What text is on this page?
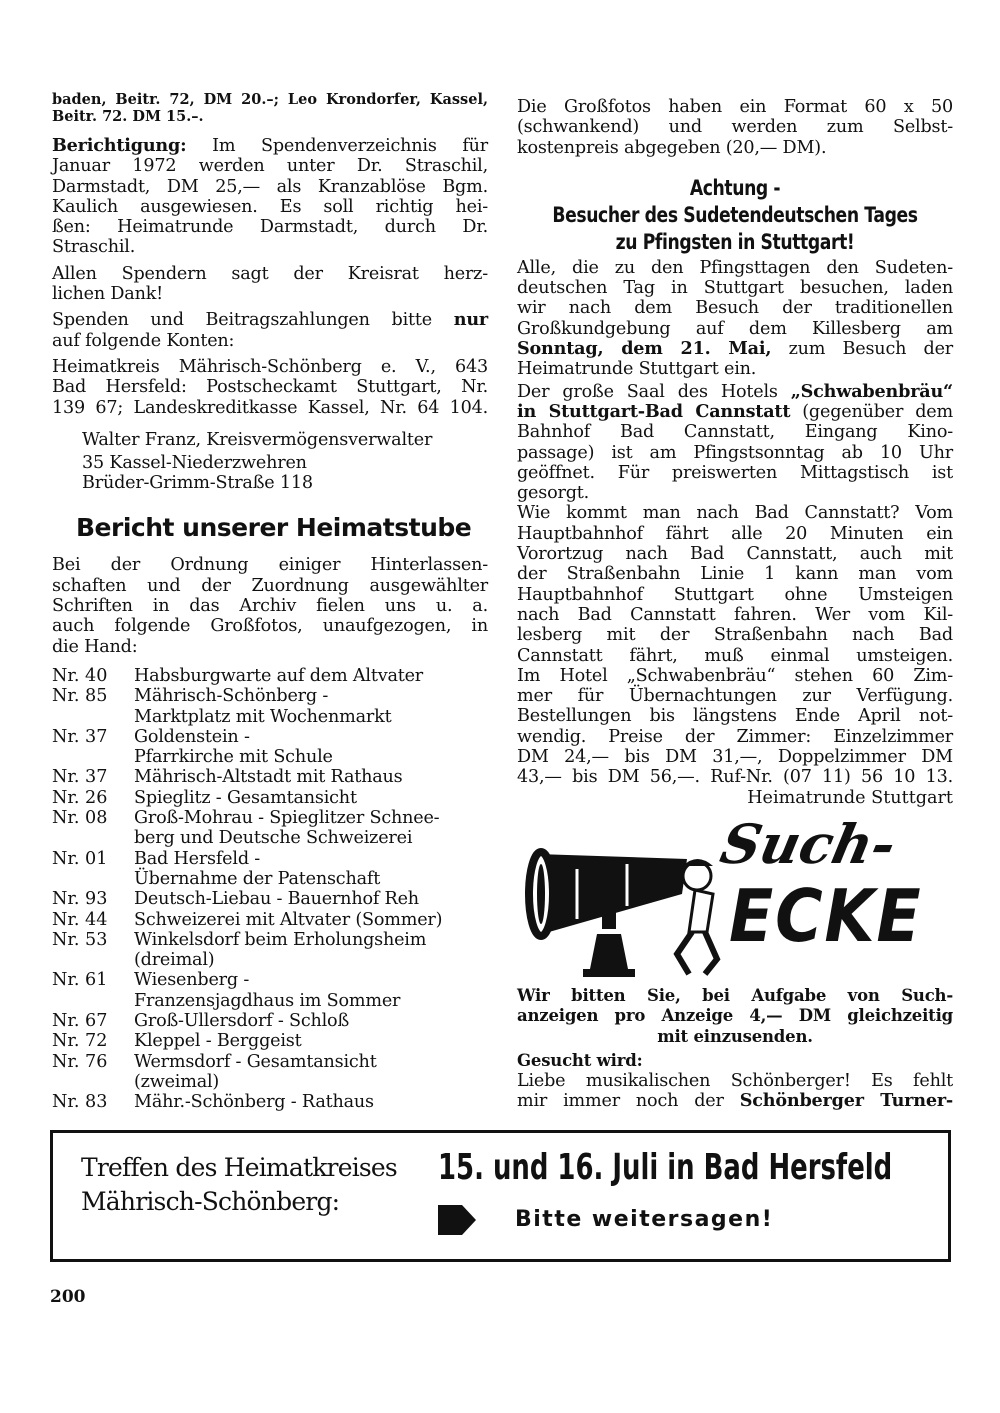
baden, Beitr. 72, DM 20.–; Leo Krondorfer, Kassel,
Beitr. 72. DM 15.–.
Berichtigung: Im Spendenverzeichnis für
Januar 1972 werden unter Dr. Straschil,
Darmstadt, DM 25,— als Kranzablöse Bgm.
Kaulich ausgewiesen. Es soll richtig hei-
ßen: Heimatrunde Darmstadt, durch Dr.
Straschil.
Allen Spendern sagt der Kreisrat herz-
lichen Dank!
Spenden und Beitragszahlungen bitte nur
auf folgende Konten:
Heimatkreis Mährisch-Schönberg e. V., 643
Bad Hersfeld: Postscheckamt Stuttgart, Nr.
139 67; Landeskreditkasse Kassel, Nr. 64 104.
Walter Franz, Kreisvermögensverwalter
35 Kassel-Niederzwehren
Brüder-Grimm-Straße 118
Bericht unserer Heimatstube
Bei der Ordnung einiger Hinterlassen-
schaften und der Zuordnung ausgewählter
Schriften in das Archiv fielen uns u. a.
auch folgende Großfotos, unaufgezogen, in
die Hand:
Nr. 40	Habsburgwarte auf dem Altvater
Nr. 85	Mährisch-Schönberg -
Marktplatz mit Wochenmarkt
Nr. 37	Goldenstein -
Pfarrkirche mit Schule
Nr. 37	Mährisch-Altstadt mit Rathaus
Nr. 26	Spieglitz - Gesamtansicht
Nr. 08	Groß-Mohrau - Spieglitzer Schnee-
berg und Deutsche Schweizerei
Nr. 01	Bad Hersfeld -
Übernahme der Patenschaft
Nr. 93	Deutsch-Liebau - Bauernhof Reh
Nr. 44	Schweizerei mit Altvater (Sommer)
Nr. 53	Winkelsdorf beim Erholungsheim
(dreimal)
Nr. 61	Wiesenberg -
Franzensjagdhaus im Sommer
Nr. 67	Groß-Ullersdorf - Schloß
Nr. 72	Kleppel - Berggeist
Nr. 76	Wermsdorf - Gesamtansicht
(zweimal)
Nr. 83	Mähr.-Schönberg - Rathaus
Die Großfotos haben ein Format 60 x 50
(schwankend) und werden zum Selbst-
kostenpreis abgegeben (20,— DM).
Achtung -
Besucher des Sudetendeutschen Tages
zu Pfingsten in Stuttgart!
Alle, die zu den Pfingsttagen den Sudeten-
deutschen Tag in Stuttgart besuchen, laden
wir nach dem Besuch der traditionellen
Großkundgebung auf dem Killesberg am
Sonntag, dem 21. Mai, zum Besuch der
Heimatrunde Stuttgart ein.
Der große Saal des Hotels „Schwabenbräu“
in Stuttgart-Bad Cannstatt (gegenüber dem
Bahnhof Bad Cannstatt, Eingang Kino-
passage) ist am Pfingstsonntag ab 10 Uhr
geöffnet. Für preiswerten Mittagstisch ist
gesorgt.
Wie kommt man nach Bad Cannstatt? Vom
Hauptbahnhof fährt alle 20 Minuten ein
Vorortzug nach Bad Cannstatt, auch mit
der Straßenbahn Linie 1 kann man vom
Hauptbahnhof Stuttgart ohne Umsteigen
nach Bad Cannstatt fahren. Wer vom Kil-
lesberg mit der Straßenbahn nach Bad
Cannstatt fährt, muß einmal umsteigen.
Im Hotel „Schwabenbräu“ stehen 60 Zim-
mer für Übernachtungen zur Verfügung.
Bestellungen bis längstens Ende April not-
wendig. Preise der Zimmer: Einzelzimmer
DM 24,— bis DM 31,—, Doppelzimmer DM
43,— bis DM 56,—. Ruf-Nr. (07 11) 56 10 13.
Heimatrunde Stuttgart
Such-
ECKE
Wir bitten Sie, bei Aufgabe von Such-
anzeigen pro Anzeige 4,— DM gleichzeitig
mit einzusenden.
Gesucht wird:
Liebe musikalischen Schönberger! Es fehlt
mir immer noch der Schönberger Turner-
Treffen des Heimatkreises
Mährisch-Schönberg:
15. und 16. Juli in Bad Hersfeld
Bitte weitersagen!
200
